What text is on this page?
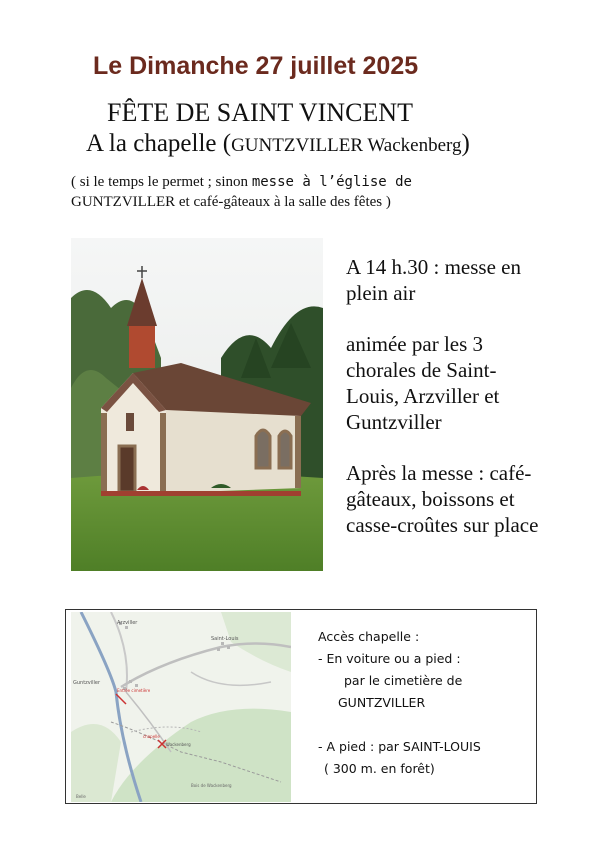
Le Dimanche 27 juillet 2025
FÊTE DE SAINT VINCENT
A la chapelle (GUNTZVILLER Wackenberg)
( si le temps le permet ; sinon messe à l’église de
GUNTZVILLER et café-gâteaux à la salle des fêtes )

A 14 h.30 : messe en plein air

animée par les 3 chorales de Saint-Louis, Arzviller et Guntzviller

Après la messe : café-gâteaux, boissons et casse-croûtes sur place

Arzviller
Saint-Louis
Guntzviller
Entrée cimetière
chapelle
Wackenberg
Bois de Wackenberg
Belle
Accès chapelle :
- En voiture ou a pied :
par le cimetière de
GUNTZVILLER
- A pied : par SAINT-LOUIS
( 300 m. en forêt)
